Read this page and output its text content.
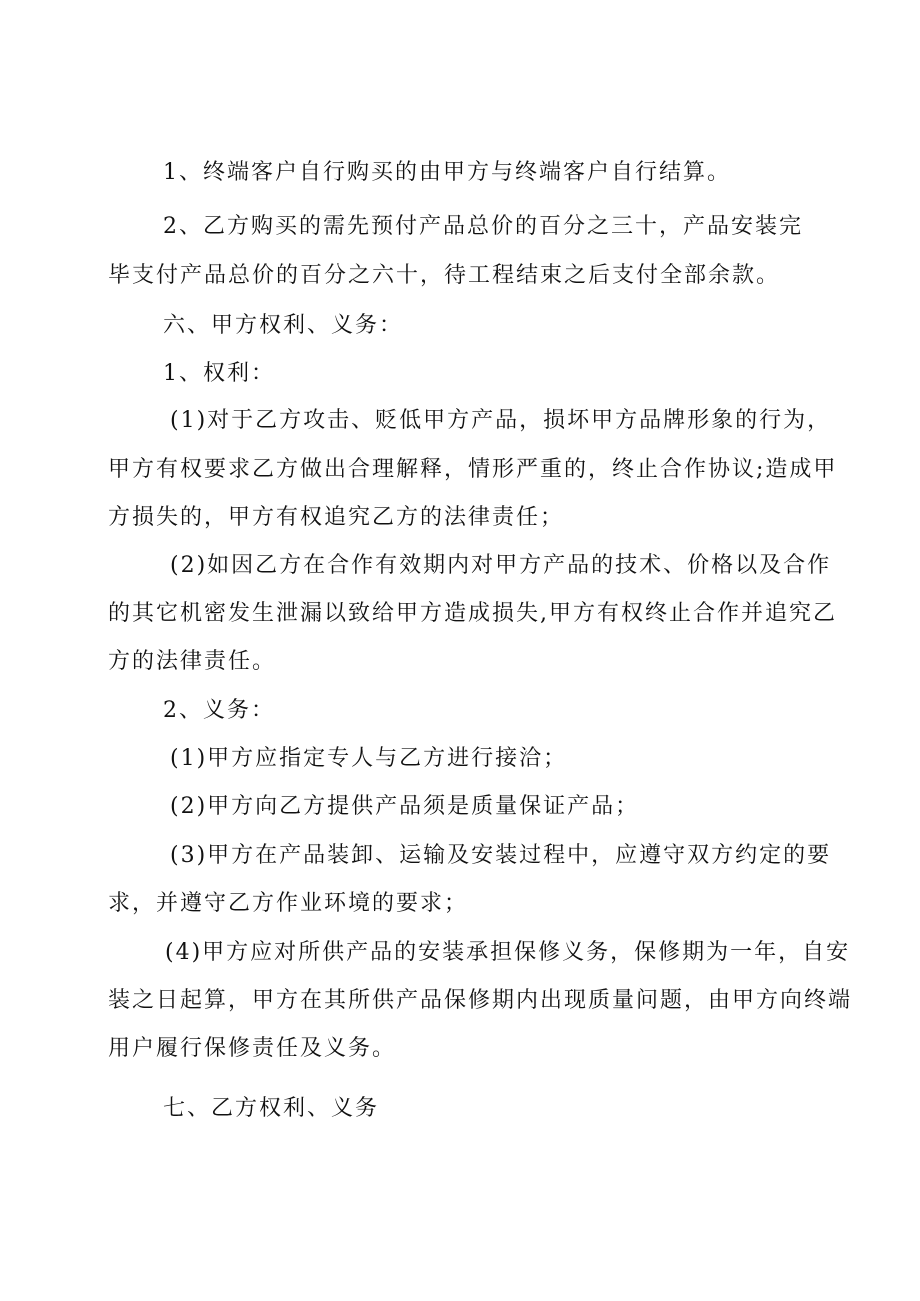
1、终端客户自行购买的由甲方与终端客户自行结算。
2、乙方购买的需先预付产品总价的百分之三十，产品安装完
毕支付产品总价的百分之六十，待工程结束之后支付全部余款。
六、甲方权利、义务：
1、权利：
(1)对于乙方攻击、贬低甲方产品，损坏甲方品牌形象的行为，
甲方有权要求乙方做出合理解释，情形严重的，终止合作协议;造成甲
方损失的，甲方有权追究乙方的法律责任；
(2)如因乙方在合作有效期内对甲方产品的技术、价格以及合作
的其它机密发生泄漏以致给甲方造成损失,甲方有权终止合作并追究乙
方的法律责任。
2、义务：
(1)甲方应指定专人与乙方进行接洽；
(2)甲方向乙方提供产品须是质量保证产品；
(3)甲方在产品装卸、运输及安装过程中，应遵守双方约定的要
求，并遵守乙方作业环境的要求；
(4)甲方应对所供产品的安装承担保修义务，保修期为一年，自安
装之日起算，甲方在其所供产品保修期内出现质量问题，由甲方向终端
用户履行保修责任及义务。
七、乙方权利、义务
